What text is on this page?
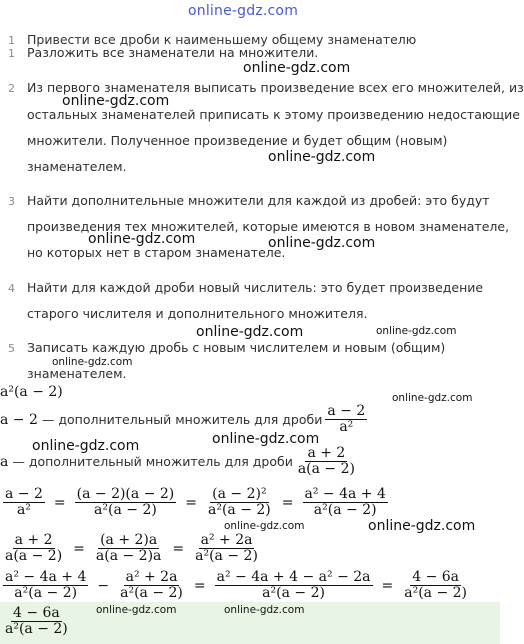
online-gdz.com
1 Привести все дроби к наименьшему общему знаменателю
1 Разложить все знаменатели на множители.
2 Из первого знаменателя выписать произведение всех его множителей, из
остальных знаменателей приписать к этому произведению недостающие
множители. Полученное произведение и будет общим (новым)
знаменателем.
3 Найти дополнительные множители для каждой из дробей: это будут
произведения тех множителей, которые имеются в новом знаменателе,
но которых нет в старом знаменателе.
4 Найти для каждой дроби новый числитель: это будет произведение
старого числителя и дополнительного множителя.
5 Записать каждую дробь с новым числителем и новым (общим)
знаменателем.
a²(a − 2)
a − 2 — дополнительный множитель для дроби $\frac{a - 2}{\text{a²}}$
a — дополнительный множитель для дроби $\frac{a + 2}{a(a - 2)}$
$\frac{a - 2}{\text{a²}} = \frac{(a - 2)(a - 2)}{\text{a²(a − 2)}} = \frac{\text{(a − 2)²}}{\text{a²(a − 2)}} = \frac{\text{a² − 4a + 4}}{\text{a²(a − 2)}}$
$\frac{a + 2}{a(a - 2)} = \frac{(a + 2)a}{a(a - 2)a} = \frac{\text{a² + 2a}}{\text{a²(a − 2)}}$
$\frac{\text{a² − 4a + 4}}{\text{a²(a − 2)}} - \frac{\text{a² + 2a}}{\text{a²(a − 2)}} = \frac{\text{a² − 4a + 4 − a² − 2a}}{\text{a²(a − 2)}} = \frac{4 - 6a}{\text{a²(a − 2)}}$
$\frac{4 - 6a}{\text{a²(a − 2)}}$
online-gdz.com
online-gdz.com
online-gdz.com
online-gdz.com	online-gdz.com
online-gdz.com	online-gdz.com
online-gdz.com
online-gdz.com
online-gdz.com
online-gdz.com
online-gdz.com
online-gdz.com
online-gdz.com	online-gdz.com
